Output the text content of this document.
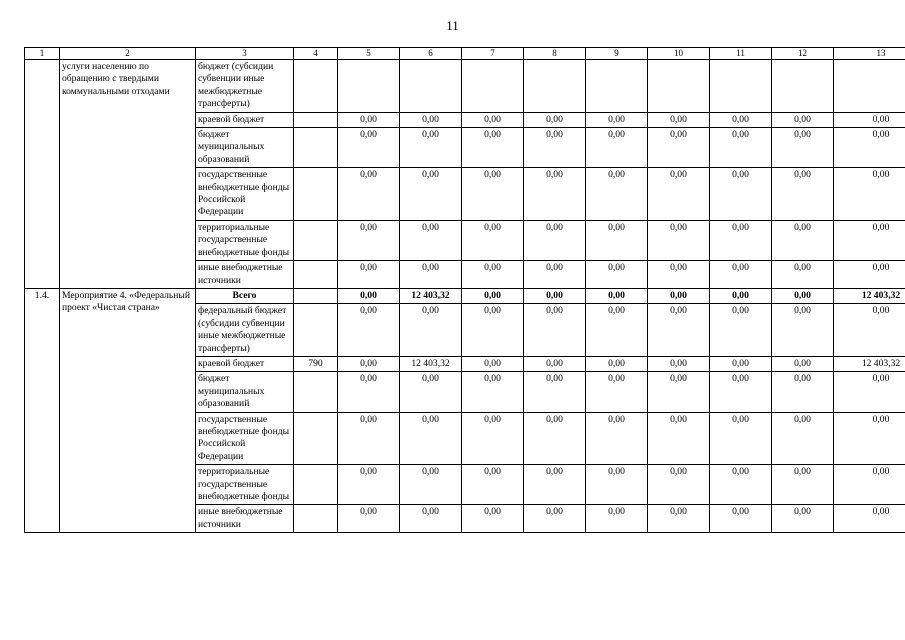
11
1	2	3	4	5	6	7	8	9	10	11	12	13
	услуги населению по обращению с твердыми коммунальными отходами	бюджет (субсидии субвенции иные межбюджетные трансферты)										
		краевой бюджет		0,00	0,00	0,00	0,00	0,00	0,00	0,00	0,00	0,00
		бюджет муниципальных образований		0,00	0,00	0,00	0,00	0,00	0,00	0,00	0,00	0,00
		государственные внебюджетные фонды Российской Федерации		0,00	0,00	0,00	0,00	0,00	0,00	0,00	0,00	0,00
		территориальные государственные внебюджетные фонды		0,00	0,00	0,00	0,00	0,00	0,00	0,00	0,00	0,00
		иные внебюджетные источники		0,00	0,00	0,00	0,00	0,00	0,00	0,00	0,00	0,00
1.4.	Мероприятие 4. «Федеральный проект «Чистая страна»	Всего		0,00	12 403,32	0,00	0,00	0,00	0,00	0,00	0,00	12 403,32
		федеральный бюджет (субсидии субвенции иные межбюджетные трансферты)		0,00	0,00	0,00	0,00	0,00	0,00	0,00	0,00	0,00
		краевой бюджет	790	0,00	12 403,32	0,00	0,00	0,00	0,00	0,00	0,00	12 403,32
		бюджет муниципальных образований		0,00	0,00	0,00	0,00	0,00	0,00	0,00	0,00	0,00
		государственные внебюджетные фонды Российской Федерации		0,00	0,00	0,00	0,00	0,00	0,00	0,00	0,00	0,00
		территориальные государственные внебюджетные фонды		0,00	0,00	0,00	0,00	0,00	0,00	0,00	0,00	0,00
		иные внебюджетные источники		0,00	0,00	0,00	0,00	0,00	0,00	0,00	0,00	0,00
